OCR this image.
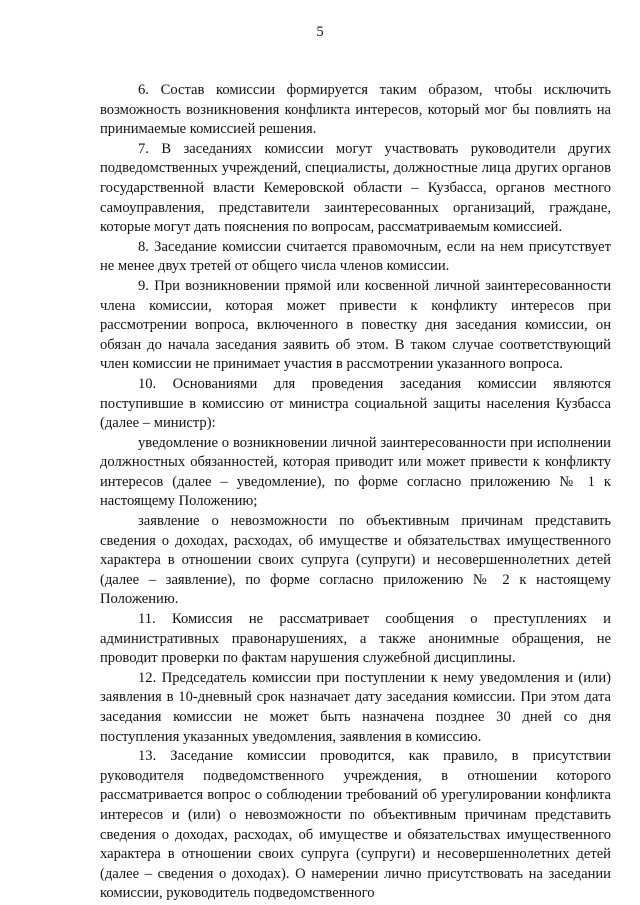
5

6. Состав комиссии формируется таким образом, чтобы исключить возможность возникновения конфликта интересов, который мог бы повлиять на принимаемые комиссией решения.

7. В заседаниях комиссии могут участвовать руководители других подведомственных учреждений, специалисты, должностные лица других органов государственной власти Кемеровской области – Кузбасса, органов местного самоуправления, представители заинтересованных организаций, граждане, которые могут дать пояснения по вопросам, рассматриваемым комиссией.

8. Заседание комиссии считается правомочным, если на нем присутствует не менее двух третей от общего числа членов комиссии.

9. При возникновении прямой или косвенной личной заинтересованности члена комиссии, которая может привести к конфликту интересов при рассмотрении вопроса, включенного в повестку дня заседания комиссии, он обязан до начала заседания заявить об этом. В таком случае соответствующий член комиссии не принимает участия в рассмотрении указанного вопроса.

10. Основаниями для проведения заседания комиссии являются поступившие в комиссию от министра социальной защиты населения Кузбасса (далее – министр):

уведомление о возникновении личной заинтересованности при исполнении должностных обязанностей, которая приводит или может привести к конфликту интересов (далее – уведомление), по форме согласно приложению № 1 к настоящему Положению;

заявление о невозможности по объективным причинам представить сведения о доходах, расходах, об имуществе и обязательствах имущественного характера в отношении своих супруга (супруги) и несовершеннолетних детей (далее – заявление), по форме согласно приложению № 2 к настоящему Положению.

11. Комиссия не рассматривает сообщения о преступлениях и административных правонарушениях, а также анонимные обращения, не проводит проверки по фактам нарушения служебной дисциплины.

12. Председатель комиссии при поступлении к нему уведомления и (или) заявления в 10-дневный срок назначает дату заседания комиссии. При этом дата заседания комиссии не может быть назначена позднее 30 дней со дня поступления указанных уведомления, заявления в комиссию.

13. Заседание комиссии проводится, как правило, в присутствии руководителя подведомственного учреждения, в отношении которого рассматривается вопрос о соблюдении требований об урегулировании конфликта интересов и (или) о невозможности по объективным причинам представить сведения о доходах, расходах, об имуществе и обязательствах имущественного характера в отношении своих супруга (супруги) и несовершеннолетних детей (далее – сведения о доходах). О намерении лично присутствовать на заседании комиссии, руководитель подведомственного
